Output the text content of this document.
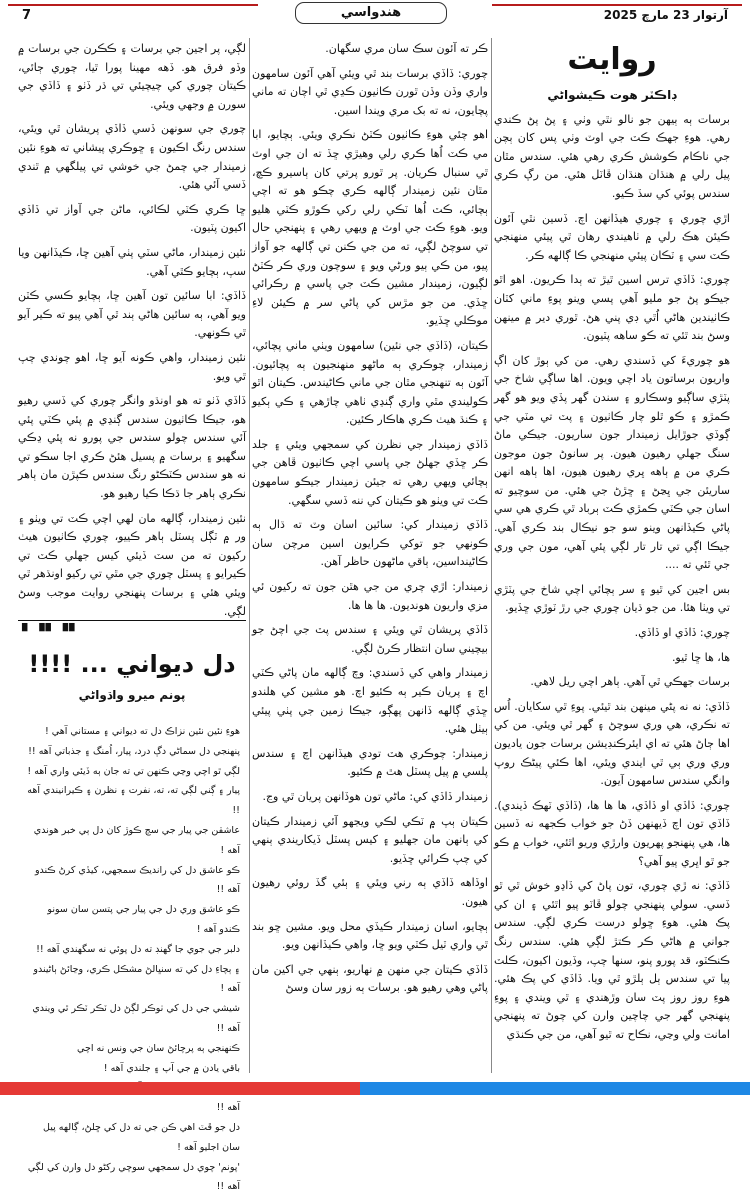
7	هندواسي	آرتوار 23 مارچ 2025
روايت
ڊاڪٽر هوت ڪيشواڻي

برسات ٻه ٻيهن جو نالو نٿي وٺي ۽ پڻ پڻ ڪندي رهي. هوءِ جهڪ ڪٽ جي اوٽ وٺي پس کان ٻچن جي ناڪام ڪوشش ڪري رهي هئي. سندس مٿان پيل رلي ۾ هنڌان هنڌان ڦاٽل هئي. من رڳ ڪري سندس پوئي کي سڏ ڪيو.

اڙي چوري ۽ چوري هيڏانهن اچ. ڏسين نٿي آئون ڪيئن هڪ رلي ۾ ٺاهيندي رهان ٿي پيئي منهنجي ڪٽ سي ۽ ٽڪان پيئي منهنجي ڪا ڳالهه ڪر.

چوري: ڏاڏي ترس اسين ٿيڙ ته ٻدا ڪريون. اهو اٿو جيڪو پڻ جو مليو آهي پسي وينو پوءِ ماني کٽان ڪاٺيندين هاڻي اُٿي ڊي پني هڻ. ٿوري دير ۾ مينهن وسڻ بند ٿئي ته ڪو ساهه پٽيون.

هو چوريءَ کي ڏسندي رهي. من کي ٻوڙ کان اڳ واريون برساتون ياد اچي ويون. اها ساڳي شاخ جي پٽڙي ساڳيو وسڪارو ۽ سندن گهر پڏي ويو هو گهر ڪمڙو ۽ ڪو ٿلو چار ڪاٺيون ۽ پٽ تي مٽي جي ڳوڏي جوڙايل زميندار جون ساريون. جيڪي ماڻ سنگ جهلي رهيون هيون. پر سانوڻ جون موجون ڪري من ۾ ٻاهه ڀري رهيون هيون، اها ٻاهه انهن ساريئن جي ڀڃڻ ۽ ڇڙڻ جي هئي. من سوچيو ته اسان جي ڪٽي ڪمڙي ڪٽ ٻرباد ٿي ڪري هي سي پاڻي ڪيڏانهن وينو سو جو نيڪال بند ڪري آهي. جيڪا اڳي تي تار تار لڳي پئي آهي، مون جي وري جي ٿئي ته ....

بس اڃين کي ٿيو ۽ سر ٻچائي اچي شاخ جي پٽڙي تي ويٺا هئا. من جو ڌيان چوري جي رڙ ٽوڙي ڇڏيو.

چوري: ڏاڏي او ڏاڏي.

ها، ها ڇا ٿيو.

برسات جهڪي ٿي آهي. ٻاهر اچي ريل لاهي.

ڏاڏي: نه نه پڻي مينهن بند ٿيئي. پوءِ ٿي سکايان. اُس ته نڪري، هي وري سوچڻ ۽ گهر ٿي ويئي. من کي اها ڄاڻ هئي ته اي ايئرڪنڊيشن برسات جون ياديون وري وري ٻي ٿي ايندي ويئي، اها ڪئي پيڻڪ روپ وانگي سندس سامهون آيون.

چوري: ڏاڏي او ڏاڏي، ها ها ها، (ڏاڏي ٽهڪ ڏيندي). ڏاڏي تون اچ ڏيهنهن ڏڻ جو خواب ڪجهه نه ڏسين ها، هي پنهنجو پهريون وارڙي وريو اٿئي، خواب ۾ ڪو جو ٿو اڀري پيو آهي؟

ڏاڏي: نه ڙي چوري، تون پاڻ کي ڏاڍو خوش ٿي ٿو ڏسي. سولي پنهنجي چولو ڦاٽو پيو اٿئي ۽ ان کي پڪ هئي. هوءِ ڇولو درست ڪري لڳي. سندس جواني ۾ هاڻي ڪر ڪتڙ لڳي هئي. سندس رنگ ڪنڪٽو، قد پورو پنو، سنها چپ، وڏيون اکيون، ڪلٽ پيا تي سندس ٻل ٻلڙو ٿي ويا. ڏاڏي کي پڪ هئي. هوءِ روز روز پٽ سان وڙهندي ۽ ٿي ويندي ۽ پوءِ پنهنجي گهر جي چاچين وارن کي چوڻ ته پنهنجي امانت ولي وڃي، نڪاح ته ٿيو آهي، من جي ڪنڌي

ڪر ته آئون سڪ سان مري سگهان.

چوري: ڏاڏي برسات بند ٿي ويئي آهي آئون سامهون واري وڏن وڏن ٿورن ڪاٺيون ڪڍي ٿي اچان ته ماني پچايون، نه ته بک مري ويندا اسين.

اهو چئي هوءِ ڪاٺيون ڪٽڻ نڪري ويئي. ٻچايو، ابا مي ڪٽ اُها ڪري رلي وهيڙي ڇڏ ته ان جي اوٽ ٿي سنبال ڪريان. پر ٿورو پرتي کان ٻاسيرو ڪچ، مٿان نئين زميندار ڳالهه ڪري چڪو هو ته اچي ٻچائي، ڪٽ اُها ٽڪي رلي رکي ڪوڙو ڪٽي هليو ويو. هوءِ ڪٽ جي اوٽ ۾ ويهي رهي ۽ پنهنجي حال تي سوچڻ لڳي، ته من جي ڪنن تي ڳالهه جو آواز پيو، من ڪي ٻيو ورڻي ويو ۽ سوچون وري ڪر ڪٽڻ لڳيون، زميندار مشين ڪٽ جي پاسي ۾ رڪرائي ڇڏي. من جو مڙس کي پاڻي سر ۾ ڪيئن لاءِ موڪلي ڇڏيو.

ڪيتان، (ڏاڏي جي نئين) سامهون ويٺي ماني پچائي، زميندار، چوڪري ٻه ماڻهو منهنجيون ٻه پچائيون. آئون ٻه تنهنجي مٿان جي ماني ڪاڻيندس. ڪيتان اٿو ڪوليندي مٿي واري ڳنڍي ٺاهي چاڙهي ۽ ڪي ٻکيو ۽ ڪنڌ هيٺ ڪري هاڪار ڪئين.

ڏاڏي زميندار جي نظرن کي سمجهي ويئي ۽ جلد ڪر ڇڏي جهلڻ جي پاسي اچي ڪاٺيون ڦاهن جي ٻچائي ويهي رهي ته جيئن زميندار جيڪو سامهون ڪٽ تي ويٺو هو ڪيتان کي ننه ڏسي سگهي.

ڏاڏي زميندار کي: سائين اسان وٽ ته ڌال ٻه ڪونهي جو توکي ڪرايون اسين مرچن سان ڪاڻينداسين، ٻاقي ماڻهون حاظر آهن.

زميندار: اڙي چري من جي هٿن جون ته رکيون ئي مزي واريون هونديون. ها ها ها.

ڏاڏي پريشان ٿي ويئي ۽ سندس پٽ جي اچڻ جو بيچيني سان انتظار ڪرڻ لڳي.

زميندار واهي کي ڏسندي: وچ ڳالهه مان پاڻي ڪٽي اچ ۽ پريان ڪير ٻه ڪئيو اچ. هو مشين کي هلندو ڇڏي ڳالهه ڏانهن پهڳو، جيڪا زمين جي پٺي پيئي ٻيٺل هئي.

زميندار: چوڪري هٽ تودي هيڏانهن اچ ۽ سندس پلسي ۾ پيل پسٽل هٿ ۾ ڪئيو.

زميندار ڏاڏي کي: ماڻي تون هوڏانهن پريان ٿي وڃ.

ڪيتان ٻپ ۾ ٽڪي لڪي ويجهو آئي زميندار ڪيتان کي ٻانهن مان جهليو ۽ کيس پسٽل ڏيکاريندي ٻنهي کي چپ ڪرائي ڇڏيو.

اوڏاهه ڏاڏي ٻه رني ويئي ۽ ٻئي گڏ روئي رهيون هيون.

ٻچايو، اسان زميندار ڪيڏي محل ويو. مشين ڇو بند ٿي واري ٽيل ڪٽي ويو ڇا، واهي ڪيڏانهن ويو.

ڏاڏي ڪيتان جي منهن ۾ نهاريو، ٻنهي جي اکين مان پاڻي وهي رهيو هو. برسات ٻه زور سان وسڻ

لڳي، پر اڃين جي برسات ۽ ڪڪرن جي برسات ۾ وڏو فرق هو. ڏهه مهينا پورا ٿيا، چوري ڄائي، ڪيتان چوري کي چيچيئي تي ڌر ڏٺو ۽ ڏاڏي جي سورن ۾ وجهي ويئي.

چوري جي سونهن ڏسي ڏاڏي پريشان ٿي ويئي، سندس رنگ اڪيون ۽ ڇوڪري پيشاني ته هوءِ نئين زميندار جي چمڻ جي خوشي تي پيلگهي ۾ ٿندي ڏسي آئي هئي.

ڇا ڪري ڪٽي لڪائي، ماڻن جي آواز تي ڏاڏي اکيون پٽيون.

نئين زميندار، ماڻي سٽي پٺي آهين ڇا، ڪيڏانهن ويا سپ، ٻچايو ڪٿي آهي.

ڏاڏي: ابا سائين تون آهين ڇا، ٻچايو ڪسي ڪٽن ويو آهي، ٻه سائين هاڻي ٻند ٿي آهي پيو ته ڪير آيو ٿي ڪونهي.

نئين زميندار، واهي ڪونه آيو ڇا، اهو چوندي چپ ٿي ويو.

ڏاڏي ڏٺو ته هو اونڌو وانگر چوري کي ڏسي رهيو هو، جيڪا ڪاٺيون سندس ڳنڍي ۾ پئي ڪٽي پئي آئي سندس چولو سندس جي پورو نه پئي ڍڪي سگهيو ۽ برسات ۾ پسيل هئڻ ڪري اجا سڪو تي نه هو سندس ڪٽڪڻو رنگ سندس ڪپڙن مان ٻاهر نڪري ٻاهر جا ڌڪا ڪيا رهيو هو.

نئين زميندار، ڳالهه مان لهي اچي ڪٽ تي ويٺو ۽ ور ۾ ٽڳل پسٽل ٻاهر ڪييو، چوري ڪاٺيون هيٺ رکيون ته من سٽ ڏيئي کيس جهلي ڪٽ تي ڪيرايو ۽ پسٽل چوري جي مٿي تي رکيو اونڌهر ٿي ويئي هئي ۽ برسات پنهنجي روايت موجب وسڻ لڳي.

▘▝▘▝▘
دل ديواني ... !!!!
پونم ميرو واڌواڻي
هوءِ نئين نئين نزاڪ دل ته ديواني ۽ مستاني آهي !
پنهنجي دل سماڻي دڳ درد، پيار، اُمنگ ۽ جذباتي آهه !!
لڳي ٿو اچي وڃي ڪنهن تي ته جان ٻه ڏيئي واري آهه !
پيار ۽ ڳني لڳي ته، ته، نفرت ۽ نظرن ۽ ڪيرانيندي آهه !!
عاشقن جي پيار جي سڄ ڪوڙ کان دل ٻي خبر هوندي آهه !
ڪو عاشق دل کي رانديڪ سمجهي، کيڏي کرڻ ڪندو آهه !!
ڪو عاشق وري دل جي پيار جي پتسن سان سونو ڪندو آهه !
دلبر جي جوي جا گهنڊ ته دل پوئي نه سگهندي آهه !!
۽ ٻچاءِ دل کي ته سنڀالڻ مشڪل ڪري، وڃائڻ ٻاڻيندو آهه !
شيشي جي دل کي ٺوڪر لڳڻ دل ٽڪر ٽڪر ٿي ويندي آهه !!
ڪنهنجي ٻه پرچائڻ سان جي ونس نه اچي
باقي يادن ۾ جي آپ ۽ جلندي آهه !
آهه !!
دل جو ڦٽ اهي ڪن جي ته دل کي ڇلڻ، ڳالهه پيل سان اجليو آهه !
'پونم' چوي دل سمجهي سوچي رکڻو دل وارن کي لڳي آهه !!
